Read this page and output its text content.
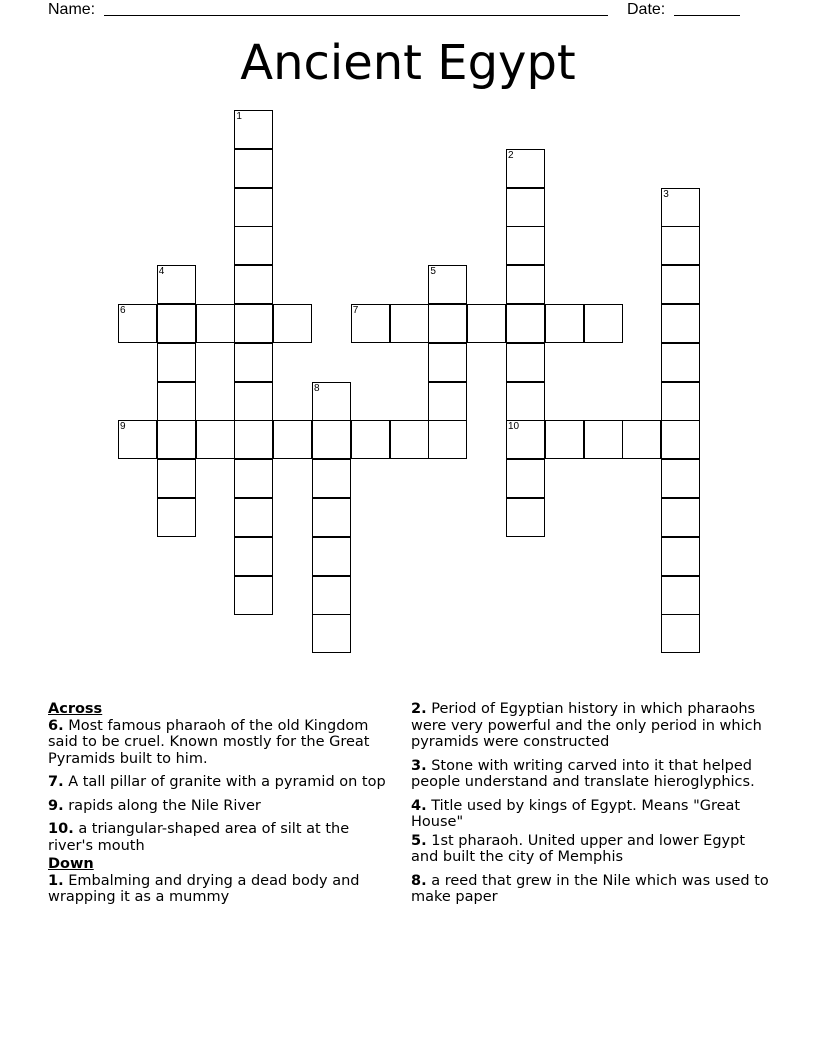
Name:	Date:
Ancient Egypt
1
2
10
3
4	5
6	7
8
9
Across
6. Most famous pharaoh of the old Kingdom said to be cruel. Known mostly for the Great Pyramids built to him.
7. A tall pillar of granite with a pyramid on top
9. rapids along the Nile River
10. a triangular-shaped area of silt at the river's mouth
Down
1. Embalming and drying a dead body and wrapping it as a mummy
2. Period of Egyptian history in which pharaohs were very powerful and the only period in which pyramids were constructed
3. Stone with writing carved into it that helped people understand and translate hieroglyphics.
4. Title used by kings of Egypt. Means "Great House"
5. 1st pharaoh. United upper and lower Egypt and built the city of Memphis
8. a reed that grew in the Nile which was used to make paper
